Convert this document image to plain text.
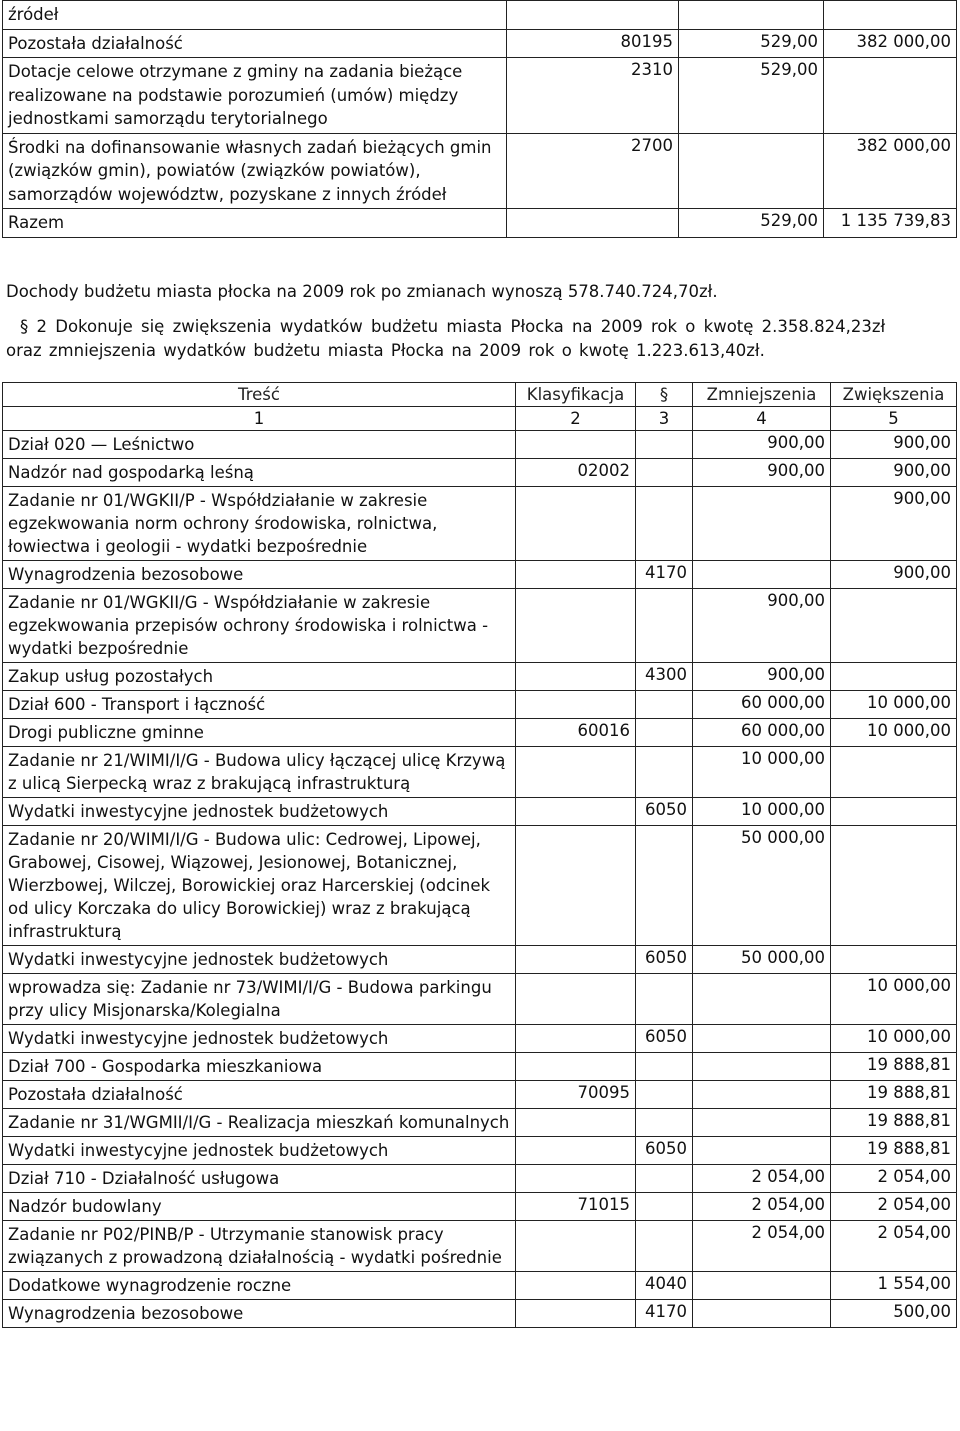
źródeł			
Pozostała działalność	80195	529,00	382 000,00
Dotacje celowe otrzymane z gminy na zadania bieżące realizowane na podstawie porozumień (umów) między jednostkami samorządu terytorialnego	2310	529,00	
Środki na dofinansowanie własnych zadań bieżących gmin (związków gmin), powiatów (związków powiatów), samorządów województw, pozyskane z innych źródeł	2700		382 000,00
Razem		529,00	1 135 739,83
Dochody budżetu miasta płocka na 2009 rok po zmianach wynoszą 578.740.724,70zł.
§ 2 Dokonuje się zwiększenia wydatków budżetu miasta Płocka na 2009 rok o kwotę 2.358.824,23zł
oraz zmniejszenia wydatków budżetu miasta Płocka na 2009 rok o kwotę 1.223.613,40zł.
Treść	Klasyfikacja	§	Zmniejszenia	Zwiększenia
1	2	3	4	5
Dział 020 — Leśnictwo			900,00	900,00
Nadzór nad gospodarką leśną	02002		900,00	900,00
Zadanie nr 01/WGKII/P - Współdziałanie w zakresie egzekwowania norm ochrony środowiska, rolnictwa, łowiectwa i geologii - wydatki bezpośrednie				900,00
Wynagrodzenia bezosobowe		4170		900,00
Zadanie nr 01/WGKII/G - Współdziałanie w zakresie egzekwowania przepisów ochrony środowiska i rolnictwa - wydatki bezpośrednie			900,00	
Zakup usług pozostałych		4300	900,00	
Dział 600 - Transport i łączność			60 000,00	10 000,00
Drogi publiczne gminne	60016		60 000,00	10 000,00
Zadanie nr 21/WIMI/I/G - Budowa ulicy łączącej ulicę Krzywą z ulicą Sierpecką wraz z brakującą infrastrukturą			10 000,00	
Wydatki inwestycyjne jednostek budżetowych		6050	10 000,00	
Zadanie nr 20/WIMI/I/G - Budowa ulic: Cedrowej, Lipowej, Grabowej, Cisowej, Wiązowej, Jesionowej, Botanicznej, Wierzbowej, Wilczej, Borowickiej oraz Harcerskiej (odcinek od ulicy Korczaka do ulicy Borowickiej) wraz z brakującą infrastrukturą			50 000,00	
Wydatki inwestycyjne jednostek budżetowych		6050	50 000,00	
wprowadza się: Zadanie nr 73/WIMI/I/G - Budowa parkingu przy ulicy Misjonarska/Kolegialna				10 000,00
Wydatki inwestycyjne jednostek budżetowych		6050		10 000,00
Dział 700 - Gospodarka mieszkaniowa				19 888,81
Pozostała działalność	70095			19 888,81
Zadanie nr 31/WGMII/I/G - Realizacja mieszkań komunalnych				19 888,81
Wydatki inwestycyjne jednostek budżetowych		6050		19 888,81
Dział 710 - Działalność usługowa			2 054,00	2 054,00
Nadzór budowlany	71015		2 054,00	2 054,00
Zadanie nr P02/PINB/P - Utrzymanie stanowisk pracy związanych z prowadzoną działalnością - wydatki pośrednie			2 054,00	2 054,00
Dodatkowe wynagrodzenie roczne		4040		1 554,00
Wynagrodzenia bezosobowe		4170		500,00
